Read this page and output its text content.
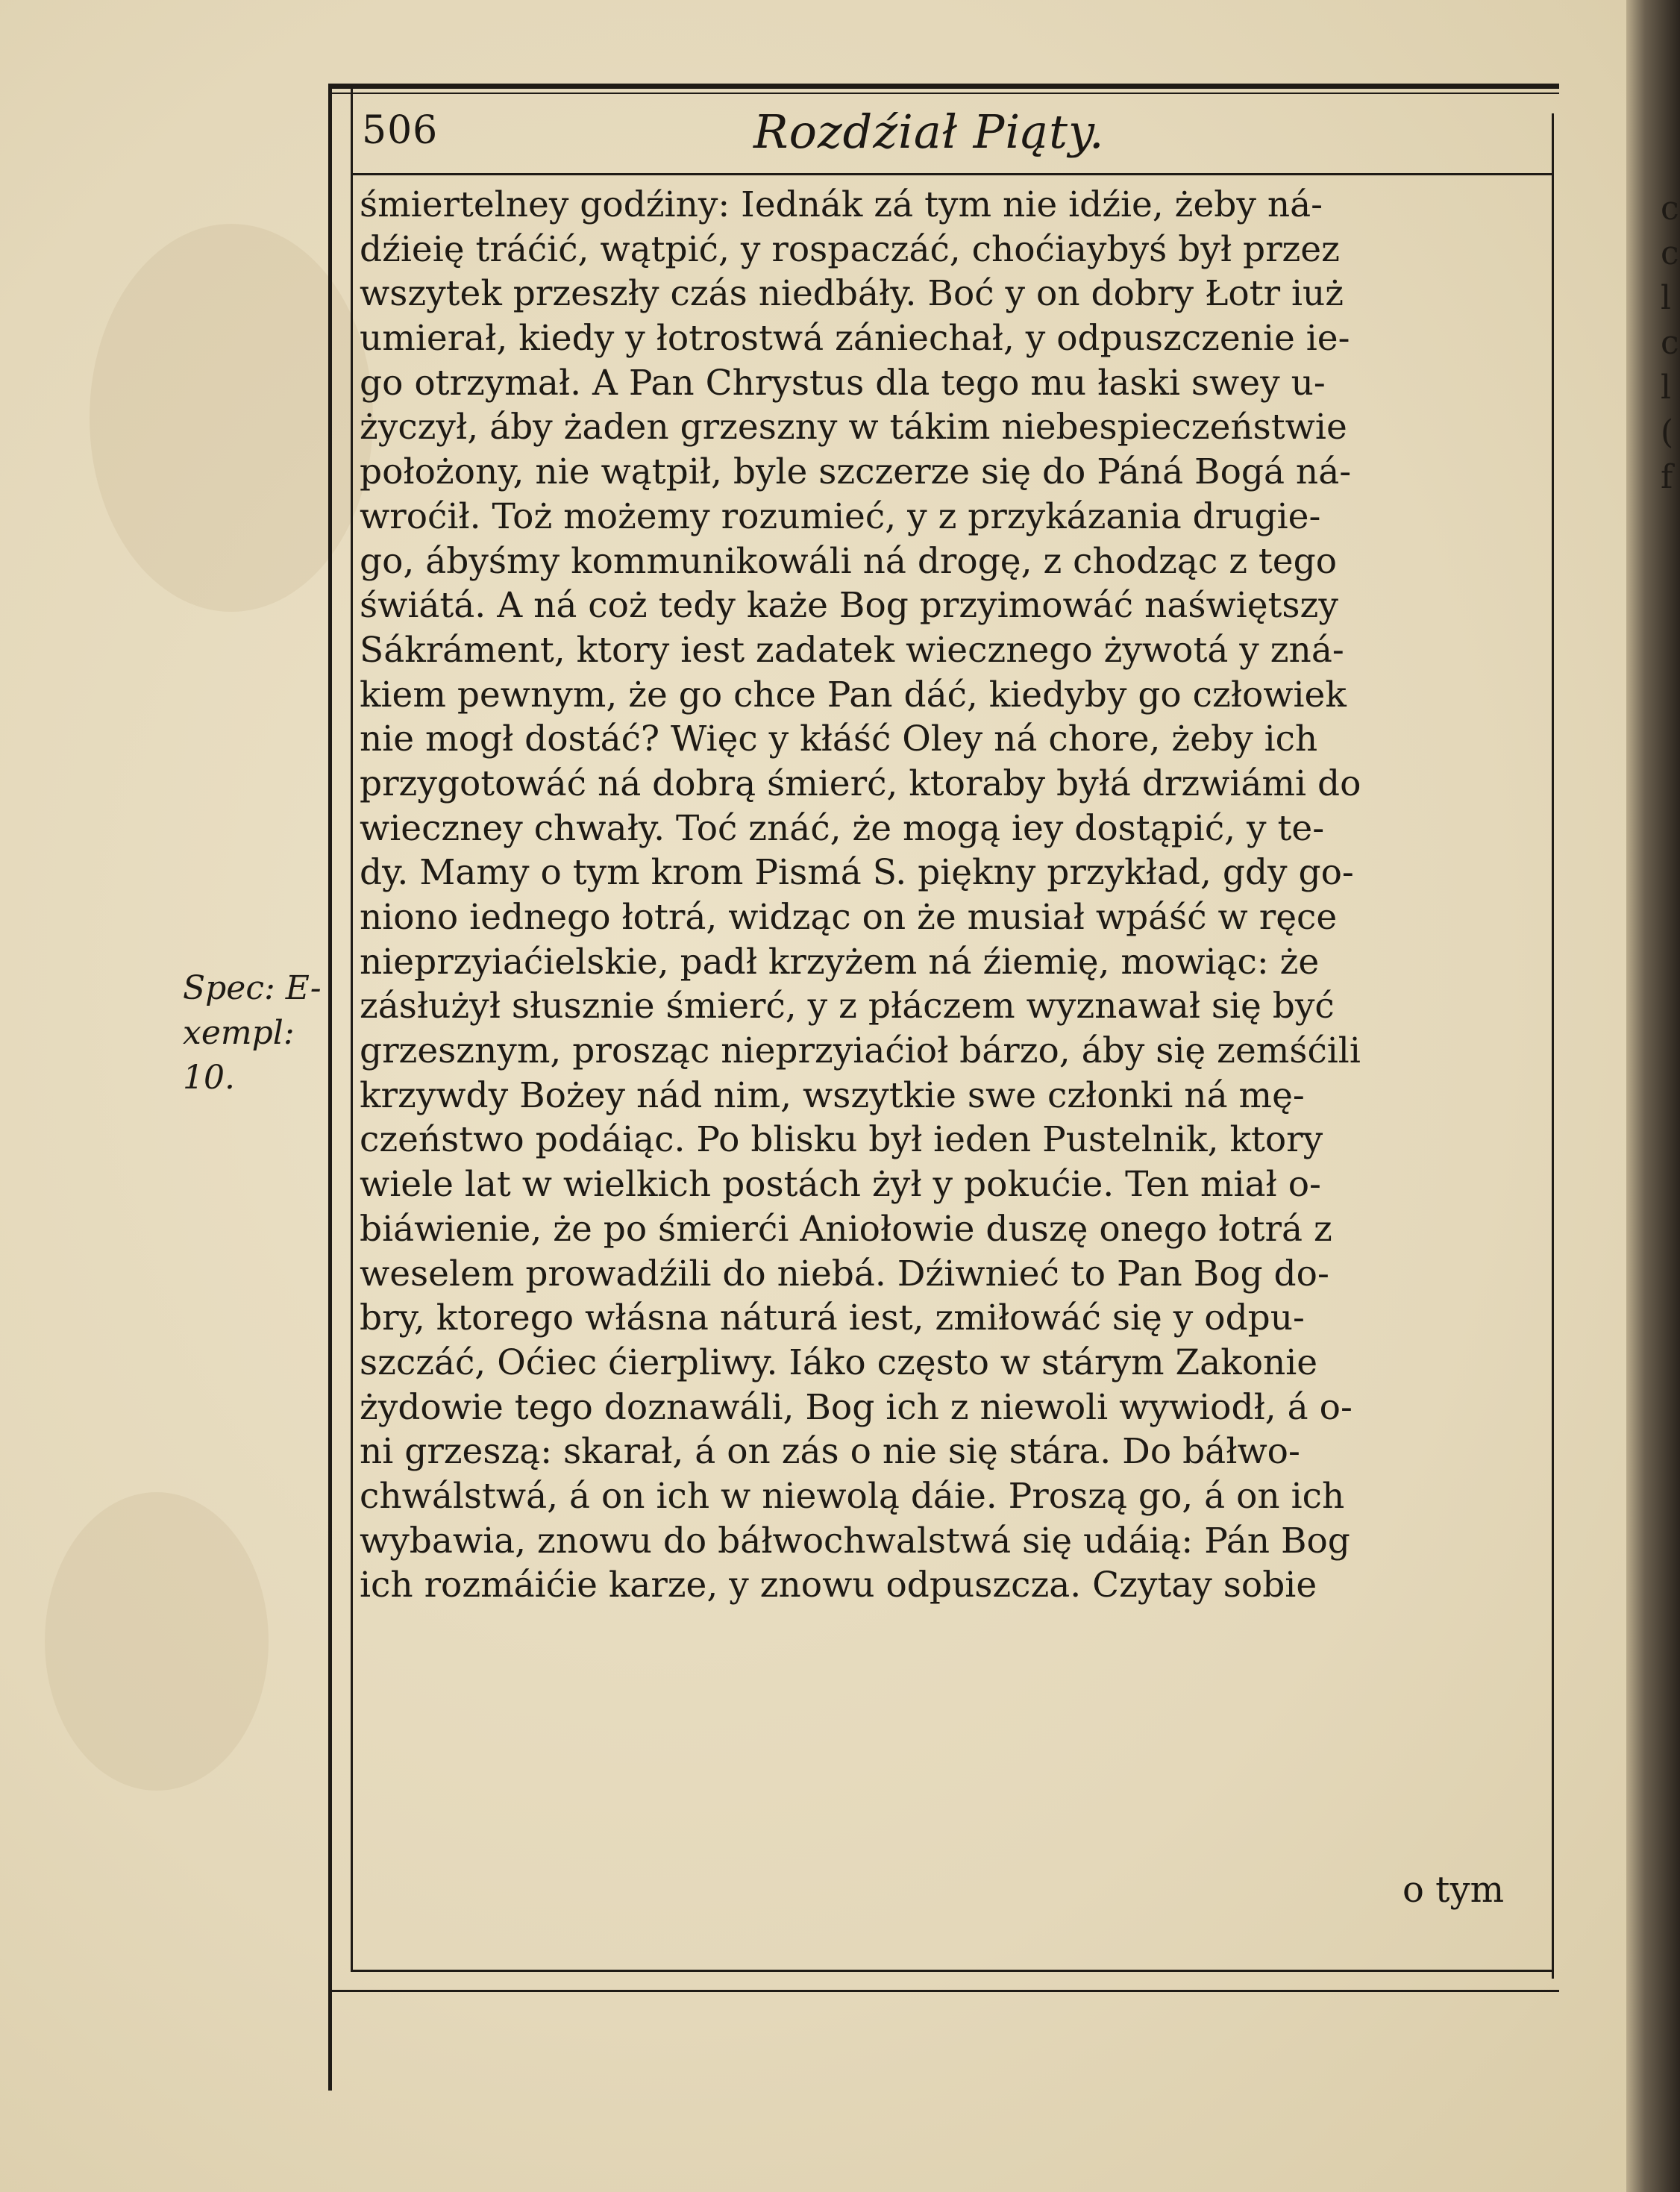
506	Rozdźiał Piąty.
śmiertelney godźiny: Iednák zá tym nie idźie, żeby ná-
dźieię tráćić, wątpić, y rospaczáć, choćiaybyś był przez
wszytek przeszły czás niedbáły. Boć y on dobry Łotr iuż
umierał, kiedy y łotrostwá zániechał, y odpuszczenie ie-
go otrzymał. A Pan Chrystus dla tego mu łaski swey u-
życzył, áby żaden grzeszny w tákim niebespieczeństwie
położony, nie wątpił, byle szczerze się do Páná Bogá ná-
wroćił. Toż możemy rozumieć, y z przykázania drugie-
go, ábyśmy kommunikowáli ná drogę, z chodząc z tego
świátá. A ná coż tedy każe Bog przyimowáć naświętszy
Sákráment, ktory iest zadatek wiecznego żywotá y zná-
kiem pewnym, że go chce Pan dáć, kiedyby go człowiek
nie mogł dostáć? Więc y kłáść Oley ná chore, żeby ich
przygotowáć ná dobrą śmierć, ktoraby byłá drzwiámi do
wieczney chwały. Toć znáć, że mogą iey dostąpić, y te-
dy. Mamy o tym krom Pismá S. piękny przykład, gdy go-
niono iednego łotrá, widząc on że musiał wpáść w ręce
nieprzyiaćielskie, padł krzyżem ná źiemię, mowiąc: że
zásłużył słusznie śmierć, y z płáczem wyznawał się być
grzesznym, prosząc nieprzyiaćioł bárzo, áby się zemśćili
krzywdy Bożey nád nim, wszytkie swe członki ná mę-
czeństwo podáiąc. Po blisku był ieden Pustelnik, ktory
wiele lat w wielkich postách żył y pokućie. Ten miał o-
biáwienie, że po śmierći Aniołowie duszę onego łotrá z
weselem prowadźili do niebá. Dźiwnieć to Pan Bog do-
bry, ktorego włásna náturá iest, zmiłowáć się y odpu-
szczáć, Oćiec ćierpliwy. Iáko często w stárym Zakonie
żydowie tego doznawáli, Bog ich z niewoli wywiodł, á o-
ni grzeszą: skarał, á on zás o nie się stára. Do báłwo-
chwálstwá, á on ich w niewolą dáie. Proszą go, á on ich
wybawia, znowu do báłwochwalstwá się udáią: Pán Bog
ich rozmáićie karze, y znowu odpuszcza. Czytay sobie
Spec: E-
xempl:
10.
o tym
c
c
l
c
l
(
f
